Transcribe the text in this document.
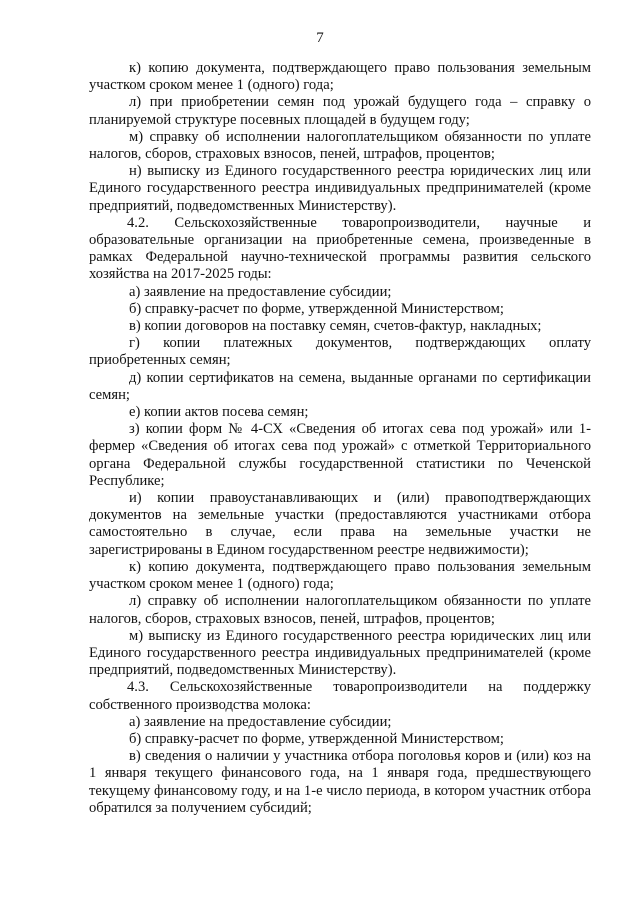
7

к) копию документа, подтверждающего право пользования земельным участком сроком менее 1 (одного) года;

л) при приобретении семян под урожай будущего года – справку о планируемой структуре посевных площадей в будущем году;

м) справку об исполнении налогоплательщиком обязанности по уплате налогов, сборов, страховых взносов, пеней, штрафов, процентов;

н) выписку из Единого государственного реестра юридических лиц или Единого государственного реестра индивидуальных предпринимателей (кроме предприятий, подведомственных Министерству).

4.2. Сельскохозяйственные товаропроизводители, научные и образовательные организации на приобретенные семена, произведенные в рамках Федеральной научно-технической программы развития сельского хозяйства на 2017-2025 годы:

а) заявление на предоставление субсидии;

б) справку-расчет по форме, утвержденной Министерством;

в) копии договоров на поставку семян, счетов-фактур, накладных;

г) копии платежных документов, подтверждающих оплату приобретенных семян;

д) копии сертификатов на семена, выданные органами по сертификации семян;

е) копии актов посева семян;

з) копии форм № 4-СХ «Сведения об итогах сева под урожай» или 1-фермер «Сведения об итогах сева под урожай» с отметкой Территориального органа Федеральной службы государственной статистики по Чеченской Республике;

и) копии правоустанавливающих и (или) правоподтверждающих документов на земельные участки (предоставляются участниками отбора самостоятельно в случае, если права на земельные участки не зарегистрированы в Едином государственном реестре недвижимости);

к) копию документа, подтверждающего право пользования земельным участком сроком менее 1 (одного) года;

л) справку об исполнении налогоплательщиком обязанности по уплате налогов, сборов, страховых взносов, пеней, штрафов, процентов;

м) выписку из Единого государственного реестра юридических лиц или Единого государственного реестра индивидуальных предпринимателей (кроме предприятий, подведомственных Министерству).

4.3. Сельскохозяйственные товаропроизводители на поддержку собственного производства молока:

а) заявление на предоставление субсидии;

б) справку-расчет по форме, утвержденной Министерством;

в) сведения о наличии у участника отбора поголовья коров и (или) коз на 1 января текущего финансового года, на 1 января года, предшествующего текущему финансовому году, и на 1-е число периода, в котором участник отбора обратился за получением субсидий;
